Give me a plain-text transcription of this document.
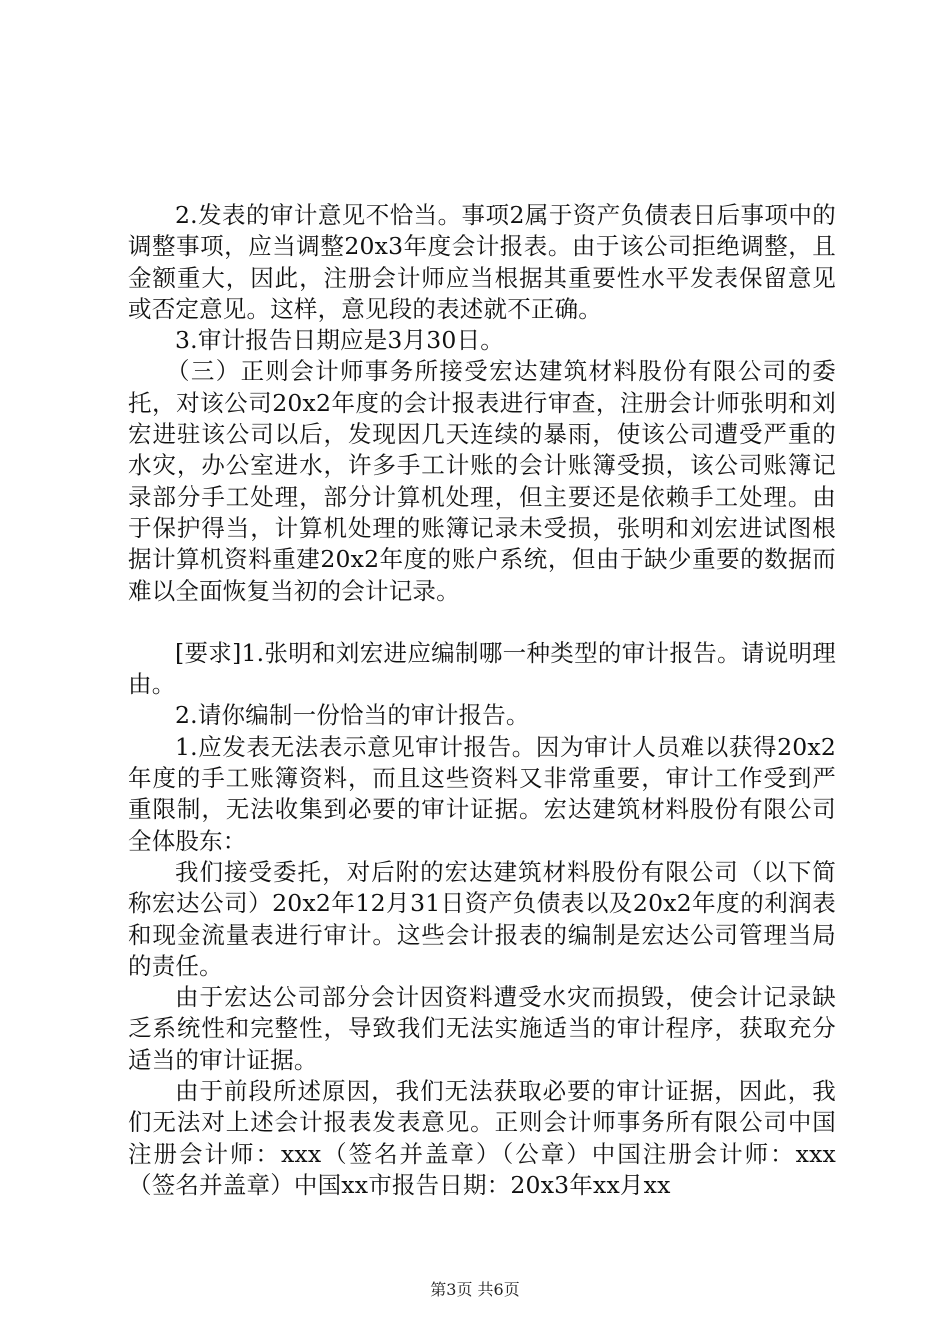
2.发表的审计意见不恰当。事项2属于资产负债表日后事项中的调整事项，应当调整20x3年度会计报表。由于该公司拒绝调整，且金额重大，因此，注册会计师应当根据其重要性水平发表保留意见或否定意见。这样，意见段的表述就不正确。

3.审计报告日期应是3月30日。

（三）正则会计师事务所接受宏达建筑材料股份有限公司的委托，对该公司20x2年度的会计报表进行审查，注册会计师张明和刘宏进驻该公司以后，发现因几天连续的暴雨，使该公司遭受严重的水灾，办公室进水，许多手工计账的会计账簿受损，该公司账簿记录部分手工处理，部分计算机处理，但主要还是依赖手工处理。由于保护得当，计算机处理的账簿记录未受损，张明和刘宏进试图根据计算机资料重建20x2年度的账户系统，但由于缺少重要的数据而难以全面恢复当初的会计记录。

[要求]1.张明和刘宏进应编制哪一种类型的审计报告。请说明理由。

2.请你编制一份恰当的审计报告。

1.应发表无法表示意见审计报告。因为审计人员难以获得20x2年度的手工账簿资料，而且这些资料又非常重要，审计工作受到严重限制，无法收集到必要的审计证据。宏达建筑材料股份有限公司全体股东：

我们接受委托，对后附的宏达建筑材料股份有限公司（以下简称宏达公司）20x2年12月31日资产负债表以及20x2年度的利润表和现金流量表进行审计。这些会计报表的编制是宏达公司管理当局的责任。

由于宏达公司部分会计因资料遭受水灾而损毁，使会计记录缺乏系统性和完整性，导致我们无法实施适当的审计程序，获取充分适当的审计证据。

由于前段所述原因，我们无法获取必要的审计证据，因此，我们无法对上述会计报表发表意见。正则会计师事务所有限公司中国注册会计师：xxx（签名并盖章）（公章）中国注册会计师：xxx（签名并盖章）中国xx市报告日期：20x3年xx月xx

第3页 共6页
